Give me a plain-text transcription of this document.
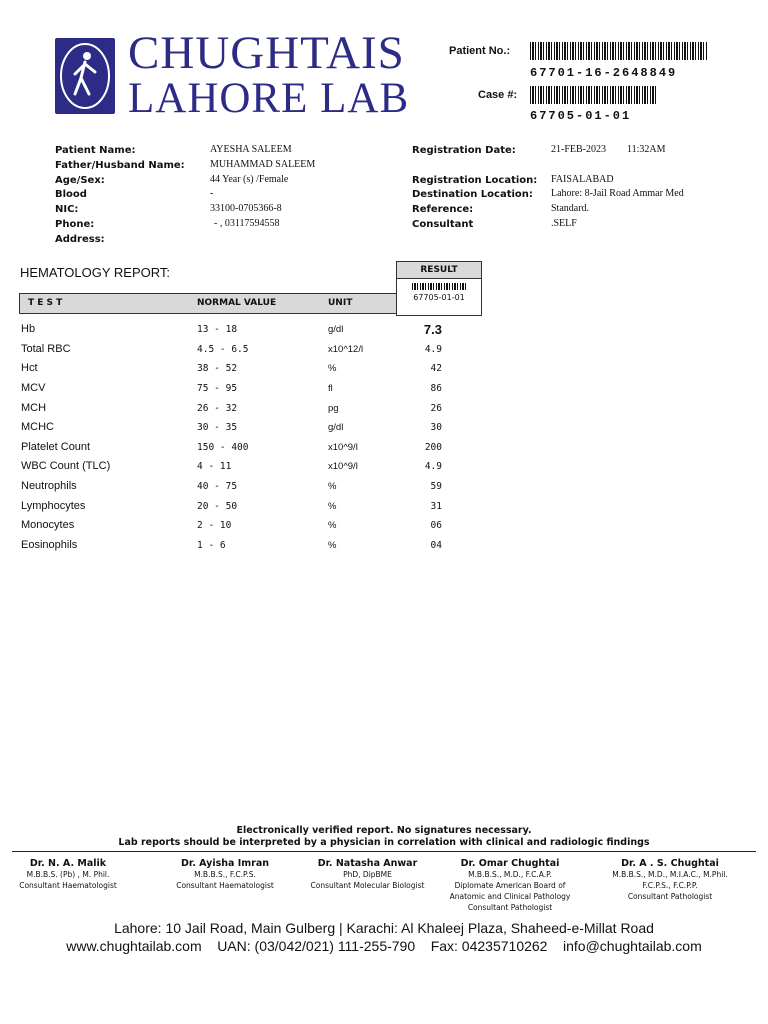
CHUGHTAIS
LAHORE LAB
Patient No.:
67701-16-2648849
Case #:
67705-01-01
Patient Name:	AYESHA SALEEM
Father/Husband Name:	MUHAMMAD SALEEM
Age/Sex:	44 Year (s) /Female
Blood	-
NIC:	33100-0705366-8
Phone:	- , 03117594558
Address:
Registration Date:	21-FEB-2023 11:32AM
Registration Location: FAISALABAD
Destination Location: Lahore: 8-Jail Road Ammar Med
Reference:	Standard.
Consultant	.SELF
HEMATOLOGY REPORT:
T E S T	NORMAL VALUE	UNIT
RESULT
67705-01-01
Hb	13 - 18	g/dl	7.3
Total RBC	4.5 - 6.5	x10^12/l	4.9
Hct	38 - 52	%	42
MCV	75 - 95	fl	86
MCH	26 - 32	pg	26
MCHC	30 - 35	g/dl	30
Platelet Count	150 - 400	x10^9/l	200
WBC Count (TLC)	4 - 11	x10^9/l	4.9
Neutrophils	40 - 75	%	59
Lymphocytes	20 - 50	%	31
Monocytes	2 - 10	%	06
Eosinophils	1 - 6	%	04
Electronically verified report. No signatures necessary.
Lab reports should be interpreted by a physician in correlation with clinical and radiologic findings
Dr. N. A. Malik
M.B.B.S. (Pb) , M. Phil.
Consultant Haematologist
Dr. Ayisha Imran
M.B.B.S., F.C.P.S.
Consultant Haematologist
Dr. Natasha Anwar
PhD, DipBME
Consultant Molecular Biologist
Dr. Omar Chughtai
M.B.B.S., M.D., F.C.A.P.
Diplomate American Board of
Anatomic and Clinical Pathology
Consultant Pathologist
Dr. A . S. Chughtai
M.B.B.S., M.D., M.I.A.C., M.Phil.
F.C.P.S., F.C.P.P.
Consultant Pathologist
Lahore: 10 Jail Road, Main Gulberg | Karachi: Al Khaleej Plaza, Shaheed-e-Millat Road
www.chughtailab.com    UAN: (03/042/021) 111-255-790    Fax: 04235710262    info@chughtailab.com
